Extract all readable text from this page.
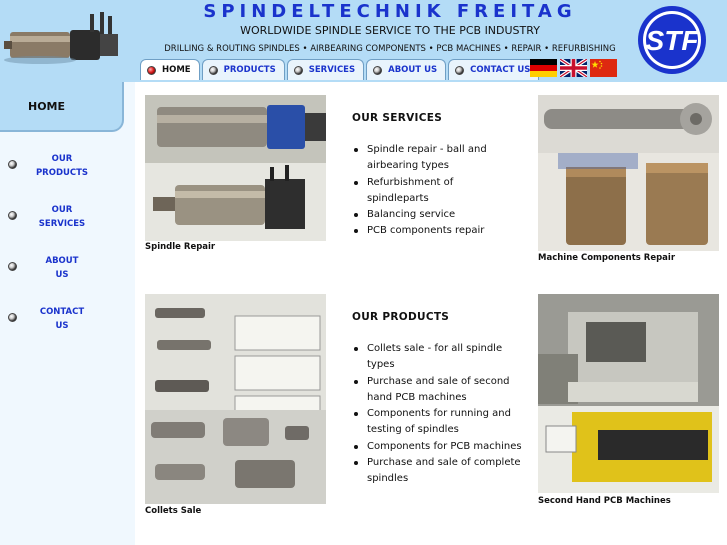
SPINDELTECHNIK FREITAG
WORLDWIDE SPINDLE SERVICE TO THE PCB INDUSTRY
DRILLING & ROUTING SPINDLES • AIRBEARING COMPONENTS • PCB MACHINES • REPAIR • REFURBISHING	STF
HOME	PRODUCTS	SERVICES	ABOUT US	CONTACT US
HOME
OUR
PRODUCTS
OUR
SERVICES
ABOUT
US
CONTACT
US
Spindle Repair
OUR SERVICES
Spindle repair - ball and airbearing types
Refurbishment of spindleparts
Balancing service
PCB components repair
Machine Components Repair
Collets Sale
OUR PRODUCTS
Collets sale - for all spindle types
Purchase and sale of second hand PCB machines
Components for running and testing of spindles
Components for PCB machines
Purchase and sale of complete spindles
Second Hand PCB Machines
